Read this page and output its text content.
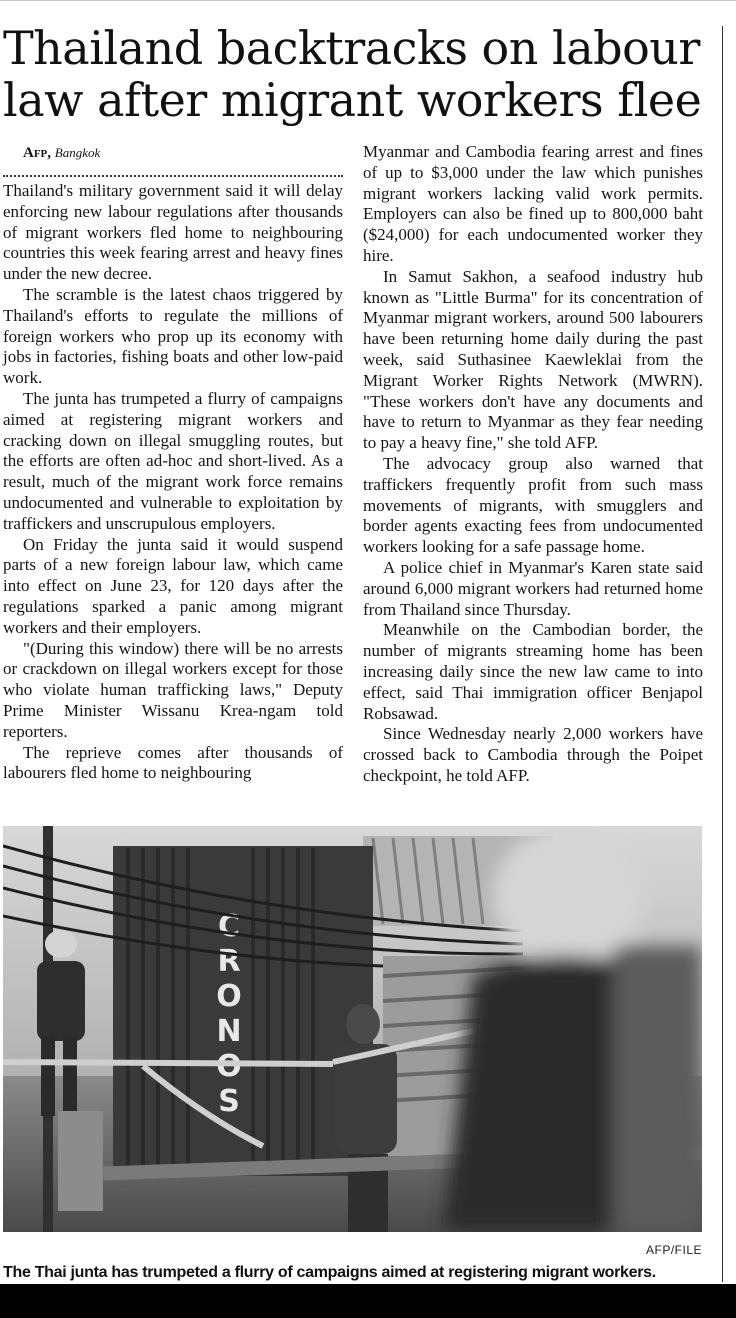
Thailand backtracks on labour law after migrant workers flee

Afp, Bangkok

Thailand's military government said it will delay enforcing new labour regulations after thousands of migrant workers fled home to neighbouring countries this week fearing arrest and heavy fines under the new decree.

The scramble is the latest chaos triggered by Thailand's efforts to regulate the millions of foreign workers who prop up its economy with jobs in factories, fishing boats and other low-paid work.

The junta has trumpeted a flurry of campaigns aimed at registering migrant workers and cracking down on illegal smuggling routes, but the efforts are often ad-hoc and short-lived. As a result, much of the migrant work force remains undocumented and vulnerable to exploitation by traffickers and unscrupulous employers.

On Friday the junta said it would suspend parts of a new foreign labour law, which came into effect on June 23, for 120 days after the regulations sparked a panic among migrant workers and their employers.

"(During this window) there will be no arrests or crackdown on illegal workers except for those who violate human trafficking laws," Deputy Prime Minister Wissanu Krea-ngam told reporters.

The reprieve comes after thousands of labourers fled home to neighbouring

Myanmar and Cambodia fearing arrest and fines of up to $3,000 under the law which punishes migrant workers lacking valid work permits. Employers can also be fined up to 800,000 baht ($24,000) for each undocumented worker they hire.

In Samut Sakhon, a seafood industry hub known as "Little Burma" for its concentration of Myanmar migrant workers, around 500 labourers have been returning home daily during the past week, said Suthasinee Kaewleklai from the Migrant Worker Rights Network (MWRN). "These workers don't have any documents and have to return to Myanmar as they fear needing to pay a heavy fine," she told AFP.

The advocacy group also warned that traffickers frequently profit from such mass movements of migrants, with smugglers and border agents exacting fees from undocumented workers looking for a safe passage home.

A police chief in Myanmar's Karen state said around 6,000 migrant workers had returned home from Thailand since Thursday.

Meanwhile on the Cambodian border, the number of migrants streaming home has been increasing daily since the new law came to into effect, said Thai immigration officer Benjapol Robsawad.

Since Wednesday nearly 2,000 workers have crossed back to Cambodia through the Poipet checkpoint, he told AFP.

C
R
O
N
O
S
AFP/FILE

The Thai junta has trumpeted a flurry of campaigns aimed at registering migrant workers.
